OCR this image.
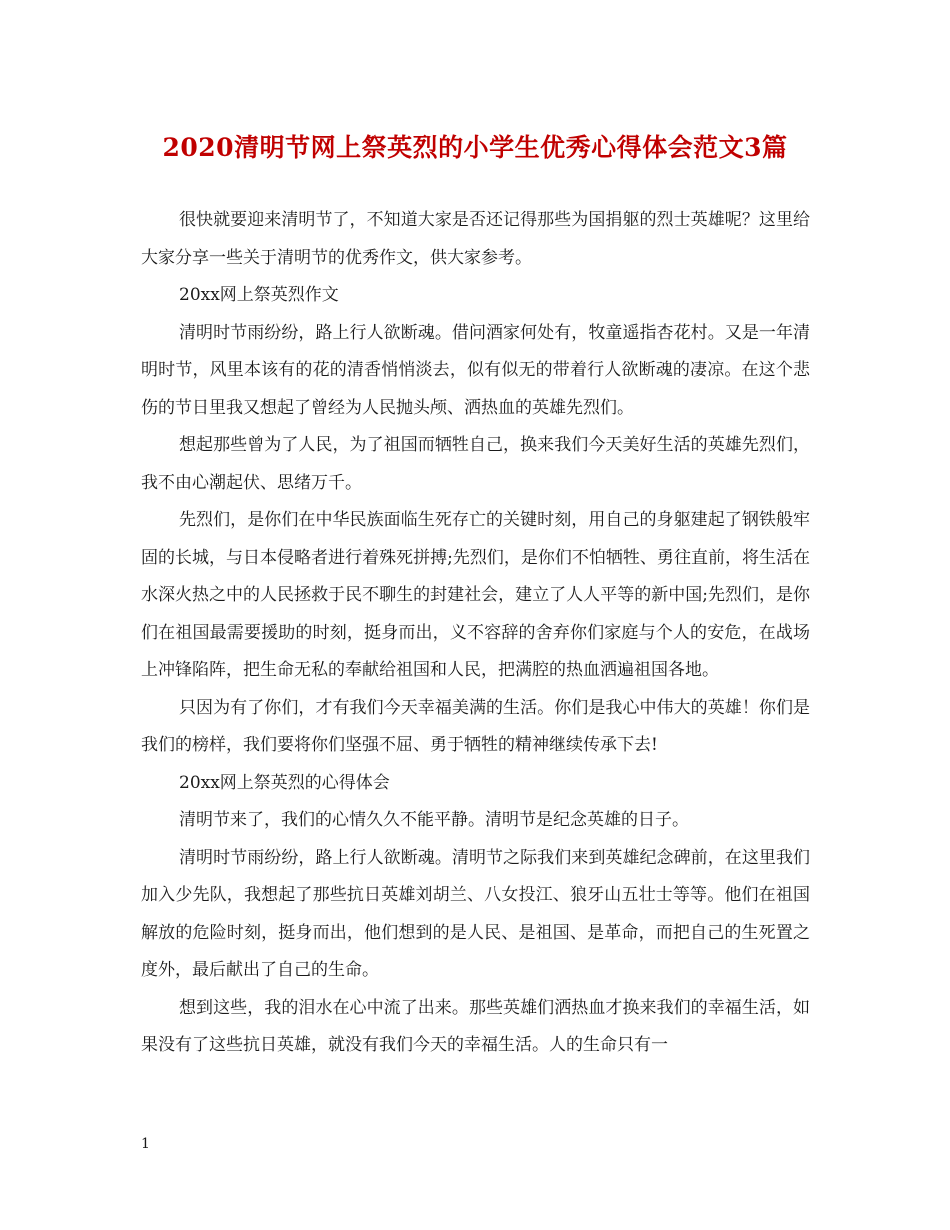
2020清明节网上祭英烈的小学生优秀心得体会范文3篇

很快就要迎来清明节了，不知道大家是否还记得那些为国捐躯的烈士英雄呢？这里给大家分享一些关于清明节的优秀作文，供大家参考。

20xx网上祭英烈作文

清明时节雨纷纷，路上行人欲断魂。借问酒家何处有，牧童遥指杏花村。又是一年清明时节，风里本该有的花的清香悄悄淡去，似有似无的带着行人欲断魂的凄凉。在这个悲伤的节日里我又想起了曾经为人民抛头颅、洒热血的英雄先烈们。

想起那些曾为了人民，为了祖国而牺牲自己，换来我们今天美好生活的英雄先烈们，我不由心潮起伏、思绪万千。

先烈们，是你们在中华民族面临生死存亡的关键时刻，用自己的身躯建起了钢铁般牢固的长城，与日本侵略者进行着殊死拼搏;先烈们，是你们不怕牺牲、勇往直前，将生活在水深火热之中的人民拯救于民不聊生的封建社会，建立了人人平等的新中国;先烈们，是你们在祖国最需要援助的时刻，挺身而出，义不容辞的舍弃你们家庭与个人的安危，在战场上冲锋陷阵，把生命无私的奉献给祖国和人民，把满腔的热血洒遍祖国各地。

只因为有了你们，才有我们今天幸福美满的生活。你们是我心中伟大的英雄！你们是我们的榜样，我们要将你们坚强不屈、勇于牺牲的精神继续传承下去!

20xx网上祭英烈的心得体会

清明节来了，我们的心情久久不能平静。清明节是纪念英雄的日子。

清明时节雨纷纷，路上行人欲断魂。清明节之际我们来到英雄纪念碑前，在这里我们加入少先队，我想起了那些抗日英雄刘胡兰、八女投江、狼牙山五壮士等等。他们在祖国解放的危险时刻，挺身而出，他们想到的是人民、是祖国、是革命，而把自己的生死置之度外，最后献出了自己的生命。

想到这些，我的泪水在心中流了出来。那些英雄们洒热血才换来我们的幸福生活，如果没有了这些抗日英雄，就没有我们今天的幸福生活。人的生命只有一

1
